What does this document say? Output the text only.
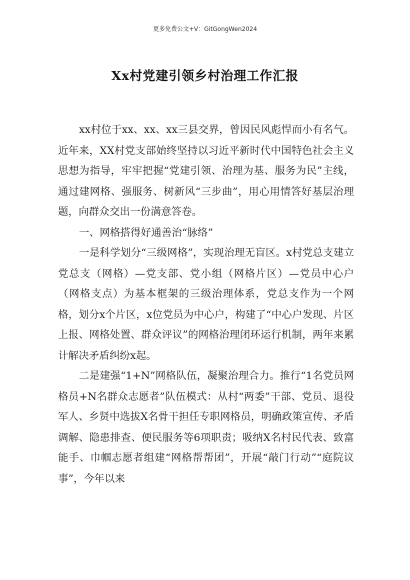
更多免费公文+V：GitGongWen2024
Xx村党建引领乡村治理工作汇报

xx村位于xx、xx、xx三县交界，曾因民风彪悍而小有名气。近年来，XX村党支部始终坚持以习近平新时代中国特色社会主义思想为指导，牢牢把握“党建引领、治理为基、服务为民”主线，通过建网格、强服务、树新风“三步曲”，用心用情答好基层治理题，向群众交出一份满意答卷。

一、网格搭得好通善治“脉络”

一是科学划分“三级网格”，实现治理无盲区。x村党总支建立党总支（网格）—党支部、党小组（网格片区）—党员中心户（网格支点）为基本框架的三级治理体系，党总支作为一个网格，划分x个片区，x位党员为中心户，构建了“中心户发现、片区上报、网格处置、群众评议”的网格治理闭环运行机制，两年来累计解决矛盾纠纷x起。

二是建强“1+N”网格队伍，凝聚治理合力。推行“1名党员网格员+N名群众志愿者”队伍模式：从村“两委”干部、党员、退役军人、乡贤中选拔X名骨干担任专职网格员，明确政策宣传、矛盾调解、隐患排查、便民服务等6项职责；吸纳X名村民代表、致富能手、巾帼志愿者组建“网格帮帮团”，开展“敲门行动”“庭院议事”，今年以来
